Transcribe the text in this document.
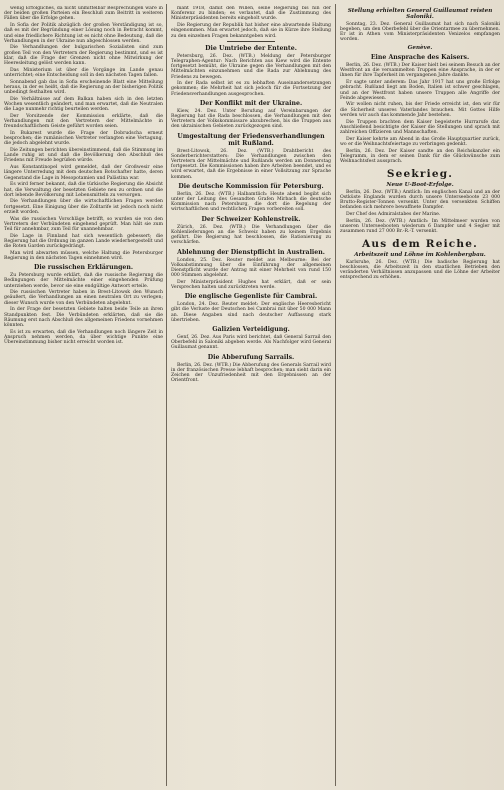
wenig Erfolgliches, da nicht unmittelbar Besprechungen wäre in der beiden großen Parteien ein Beschluß zum Beitritt in weiteren Fällen über die Erfolge gehen.

In Sofia der Politik abzüglich der großen Verständigung ist so, daß es mit der Begründung einer Lösung noch in Betracht kommt, und eine friedlichere Richtung ist es nicht ohne Bedeutung, daß die Verhandlungen in der Ukraine nun abgeschlossen werden.

Die Verhandlungen der bulgarischen Sozialisten sind zum großen Teil von den Vertretern der Regierung bestimmt, und es ist klar, daß die Frage der Grenzen nicht ohne Mitwirkung der Heeresleitung gelöst werden kann.

Das Ministerium ist über die Vorgänge im Lande genau unterrichtet; eine Entscheidung soll in den nächsten Tagen fallen.

Sonnabend gab das in Sofia erscheinende Blatt eine Mitteilung heraus, in der es heißt, daß die Regierung an der bisherigen Politik unbedingt festhalten wird.

Die Verhältnisse auf dem Balkan haben sich in den letzten Wochen wesentlich geändert, und man erwartet, daß die Neutralen die Lage nunmehr richtig beurteilen werden.

Der Vorsitzende der Kommission erklärte, daß die Verhandlungen mit den Vertretern der Mittelmächte in freundschaftlichem Geiste geführt worden seien.

In Bukarest wurde die Frage der Dobrudscha erneut besprochen; die rumänischen Vertreter verlangten eine Vertagung, die jedoch abgelehnt wurde.

Die Zeitungen berichten übereinstimmend, daß die Stimmung im Lande ruhig ist und daß die Bevölkerung den Abschluß des Friedens mit Freude begrüßen würde.

Aus Konstantinopel wird gemeldet, daß der Großwesir eine längere Unterredung mit dem deutschen Botschafter hatte, deren Gegenstand die Lage in Mesopotamien und Palästina war.

Es wird ferner bekannt, daß die türkische Regierung die Absicht hat, die Verwaltung der besetzten Gebiete neu zu ordnen und die dort lebende Bevölkerung mit Lebensmitteln zu versorgen.

Die Verhandlungen über die wirtschaftlichen Fragen werden fortgesetzt. Eine Einigung über die Zolltarife ist jedoch noch nicht erzielt worden.

Was die russischen Vorschläge betrifft, so wurden sie von den Vertretern der Verbündeten eingehend geprüft. Man hält sie zum Teil für annehmbar, zum Teil für unannehmbar.

Die Lage in Finnland hat sich wesentlich gebessert; die Regierung hat die Ordnung im ganzen Lande wiederhergestellt und die Roten Garden zurückgedrängt.

Man wird abwarten müssen, welche Haltung die Petersburger Regierung in den nächsten Tagen einnehmen wird.

Die russischen Erklärungen.

Zu Petersburg wurde erklärt, daß die russische Regierung die Bedingungen der Mittelmächte einer eingehenden Prüfung unterziehen werde, bevor sie eine endgültige Antwort erteile.

Die russischen Vertreter haben in Brest-Litowsk den Wunsch geäußert, die Verhandlungen an einen neutralen Ort zu verlegen; dieser Wunsch wurde von den Verbündeten abgelehnt.

In der Frage der besetzten Gebiete halten beide Teile an ihren Standpunkten fest. Die Verbündeten erklärten, daß sie die Räumung erst nach Abschluß des allgemeinen Friedens vornehmen könnten.

Es ist zu erwarten, daß die Verhandlungen noch längere Zeit in Anspruch nehmen werden, da über wichtige Punkte eine Übereinstimmung bisher nicht erreicht worden ist.

mant 1918, damit den Willen, seine Regierung bis hin der Konferenz zu binden; es verlautet, daß die Zustimmung des Ministerpräsidenten bereits eingeholt wurde.

Die Regierung der Republik hat bisher eine abwartende Haltung eingenommen. Man erwartet jedoch, daß sie in Kürze ihre Stellung zu den einzelnen Fragen bekanntgeben wird.

Die Umtriebe der Entente.

Petersburg, 26. Dez. (WTB.) Meldung der Petersburger Telegraphen-Agentur: Nach Berichten aus Kiew wird die Entente fortgesetzt bemüht, die Ukraine gegen die Verhandlungen mit den Mittelmächten einzunehmen und die Rada zur Ablehnung des Friedens zu bewegen.

In der Rada selbst ist es zu lebhaften Auseinandersetzungen gekommen; die Mehrheit hat sich jedoch für die Fortsetzung der Friedensverhandlungen ausgesprochen.

Der Konflikt mit der Ukraine.

Kiew, 24. Dez. Unter Berufung auf Vereinbarungen der Regierung hat die Rada beschlossen, die Verhandlungen mit den Vertretern der Volkskommissare abzubrechen, bis die Truppen aus den ukrainischen Gebieten zurückgezogen sind.

Umgestaltung der Friedensverhandlungen mit Rußland.

Brest-Litowsk, 26. Dez. (WTB.) Drahtbericht des Sonderberichterstatters: Die Verhandlungen zwischen den Vertretern der Mittelmächte und Rußlands werden am Donnerstag fortgesetzt. Die Kommissionen haben ihre Arbeiten beendet, und es wird erwartet, daß die Ergebnisse in einer Vollsitzung zur Sprache kommen.

Die deutsche Kommission für Petersburg.

Berlin, 26. Dez. (WTB.) Halbamtlich: Heute abend begibt sich unter der Leitung des Gesandten Grafen Mirbach die deutsche Kommission nach Petersburg, die dort die Regelung der wirtschaftlichen und rechtlichen Fragen vorbereiten soll.

Der Schweizer Kohlenstreik.

Zürich, 26. Dez. (WTB.) Die Verhandlungen über die Kohlenlieferungen an die Schweiz haben zu keinem Ergebnis geführt. Die Regierung hat beschlossen, die Rationierung zu verschärfen.

Ablehnung der Dienstpflicht in Australien.

London, 25. Dez. Reuter meldet aus Melbourne: Bei der Volksabstimmung über die Einführung der allgemeinen Dienstpflicht wurde der Antrag mit einer Mehrheit von rund 150 000 Stimmen abgelehnt.

Der Ministerpräsident Hughes hat erklärt, daß er sein Versprechen halten und zurücktreten werde.

Die englische Gegenliste für Cambrai.

London, 24. Dez. Reuter meldet: Der englische Heeresbericht gibt die Verluste der Deutschen bei Cambrai mit über 50 000 Mann an. Diese Angaben sind nach deutscher Auffassung stark übertrieben.

Galizien Verteidigung.

Genf, 26. Dez. Aus Paris wird berichtet, daß General Sarrail den Oberbefehl in Saloniki abgeben werde. Als Nachfolger wird General Guillaumat genannt.

Die Abberufung Sarrails.

Berlin, 26. Dez. (WTB.) Die Abberufung des Generals Sarrail wird in der französischen Presse lebhaft besprochen; man sieht darin ein Zeichen der Unzufriedenheit mit den Ergebnissen an der Orientfront.

Stellung erhielten General Guillaumat reisten Saloniki.

Sonntag, 23. Dez. General Guillaumat hat sich nach Saloniki begeben, um den Oberbefehl über die Orientarmee zu übernehmen. Er ist in Athen vom Ministerpräsidenten Venizelos empfangen worden.

Genève.
Eine Ansprache des Kaisers.

Berlin, 26. Dez. (WTB.) Der Kaiser hielt bei seinem Besuch an der Westfront an die versammelten Truppen eine Ansprache, in der er ihnen für ihre Tapferkeit im vergangenen Jahre dankte.

Er sagte unter anderem: Das Jahr 1917 hat uns große Erfolge gebracht. Rußland liegt am Boden, Italien ist schwer geschlagen, und an der Westfront haben unsere Truppen alle Angriffe der Feinde abgewiesen.

Wir wollen nicht ruhen, bis der Friede erreicht ist, den wir für die Sicherheit unseres Vaterlandes brauchen. Mit Gottes Hilfe werden wir auch das kommende Jahr bestehen.

Die Truppen brachten dem Kaiser begeisterte Hurrarufe dar. Anschließend besichtigte der Kaiser die Stellungen und sprach mit zahlreichen Offizieren und Mannschaften.

Der Kaiser kehrte am Abend in das Große Hauptquartier zurück, wo er die Weihnachtsfeiertage zu verbringen gedenkt.

Berlin, 26. Dez. Der Kaiser sandte an den Reichskanzler ein Telegramm, in dem er seinen Dank für die Glückwünsche zum Weihnachtsfest aussprach.

Seekrieg.
Neue U-Boot-Erfolge.

Berlin, 26. Dez. (WTB.) Amtlich: Im englischen Kanal und an der Ostküste Englands wurden durch unsere Unterseeboote 23 000 Brutto-Register-Tonnen versenkt. Unter den versenkten Schiffen befanden sich mehrere bewaffnete Dampfer.

Der Chef des Admiralstabes der Marine.

Berlin, 26. Dez. (WTB.) Amtlich: Im Mittelmeer wurden von unseren Unterseebooten wiederum 6 Dampfer und 4 Segler mit zusammen rund 27 000 Br.-R.-T. versenkt.

Aus dem Reiche.
Arbeitszeit und Löhne im Kohlenbergbau.

Karlsruhe, 26. Dez. (WTB.) Die badische Regierung hat beschlossen, die Arbeitszeit in den staatlichen Betrieben den veränderten Verhältnissen anzupassen und die Löhne der Arbeiter entsprechend zu erhöhen.
